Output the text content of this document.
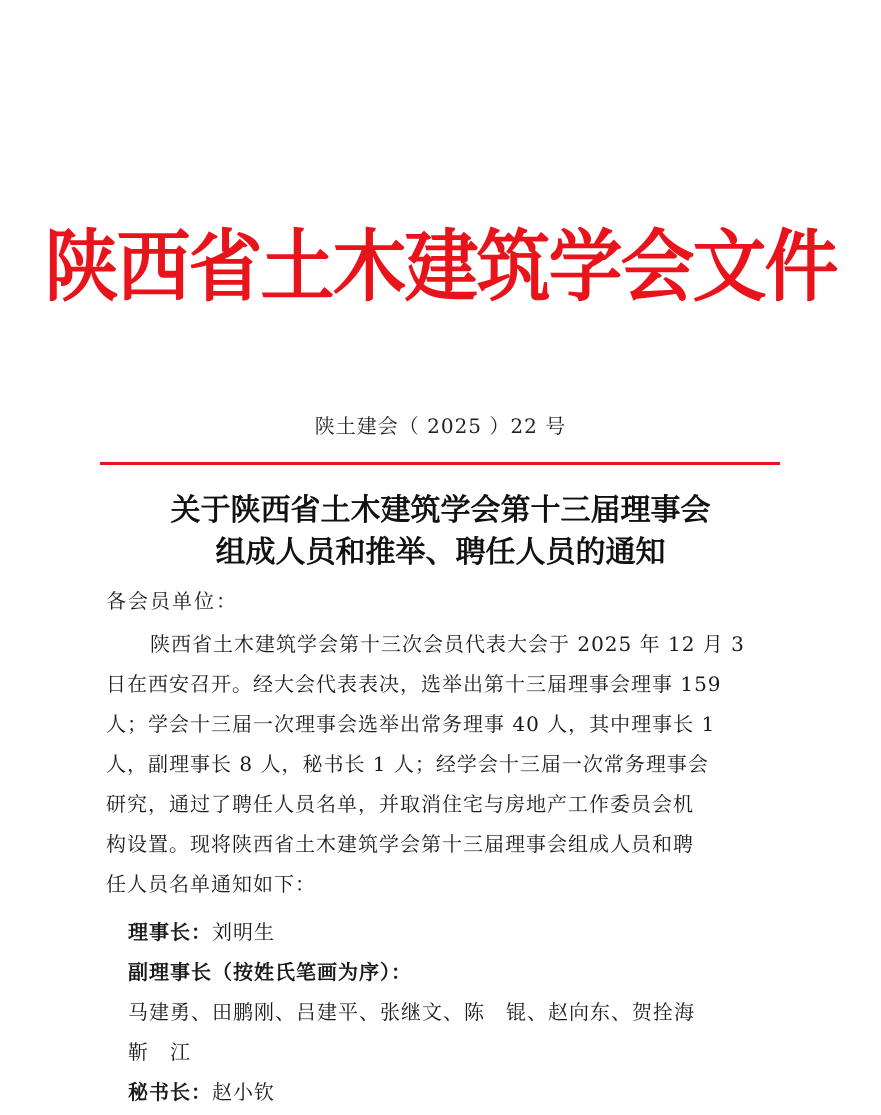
陕西省土木建筑学会文件
陕土建会（ 2025 ）22 号
关于陕西省土木建筑学会第十三届理事会
组成人员和推举、聘任人员的通知
各会员单位：
陕西省土木建筑学会第十三次会员代表大会于 2025 年 12 月 3
日在西安召开。经大会代表表决，选举出第十三届理事会理事 159
人；学会十三届一次理事会选举出常务理事 40 人，其中理事长 1
人，副理事长 8 人，秘书长 1 人；经学会十三届一次常务理事会
研究，通过了聘任人员名单，并取消住宅与房地产工作委员会机
构设置。现将陕西省土木建筑学会第十三届理事会组成人员和聘
任人员名单通知如下：
理事长：刘明生
副理事长（按姓氏笔画为序）：
马建勇、田鹏刚、吕建平、张继文、陈　锟、赵向东、贺拴海
靳　江
秘书长：赵小钦
